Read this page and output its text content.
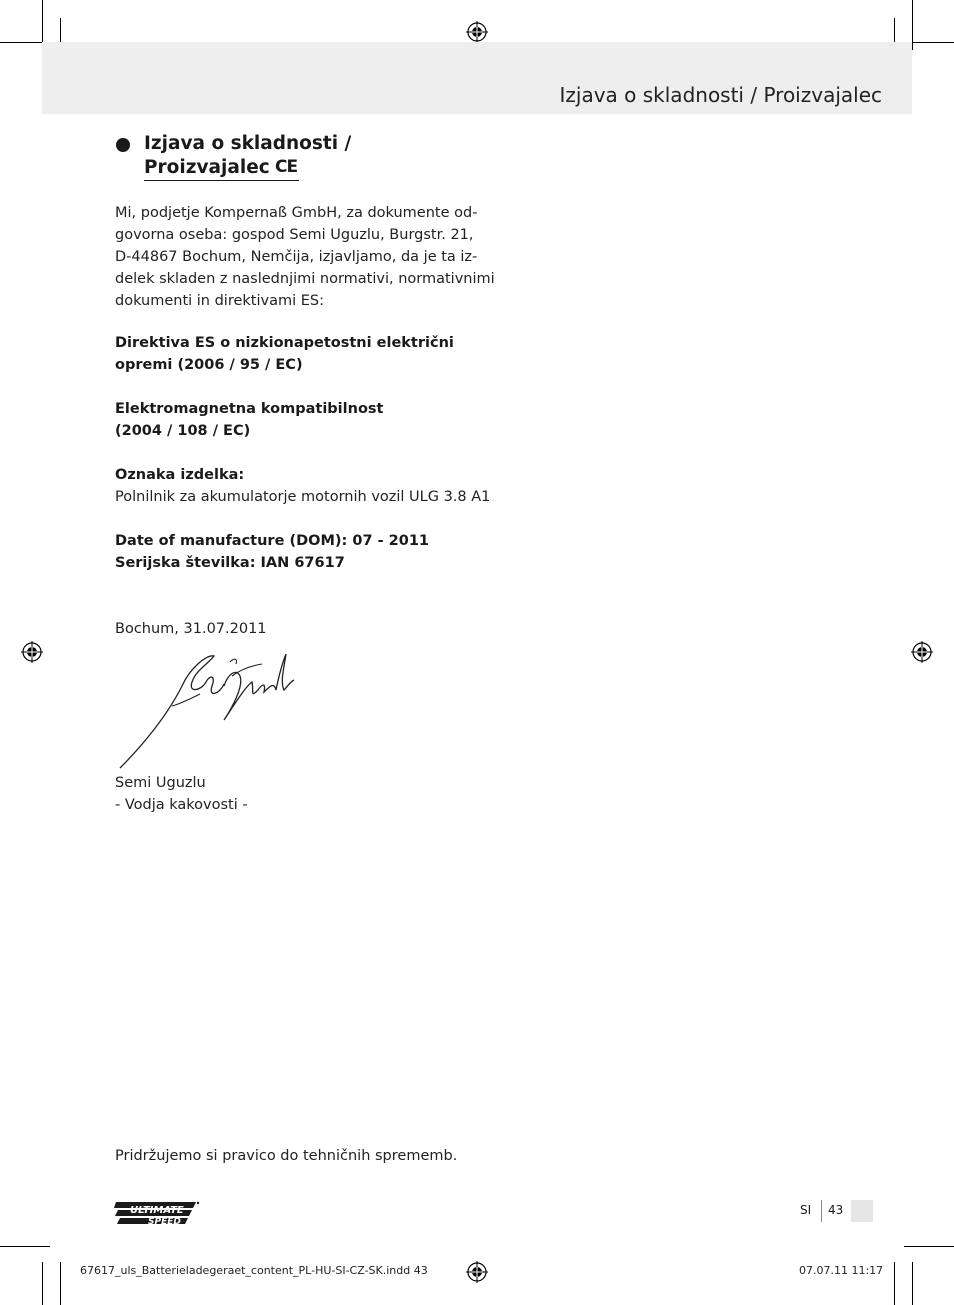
Izjava o skladnosti / Proizvajalec
Izjava o skladnosti /
Proizvajalec CE
Mi, podjetje Kompernaß GmbH, za dokumente od-
govorna oseba: gospod Semi Uguzlu, Burgstr. 21,
D-44867 Bochum, Nemčija, izjavljamo, da je ta iz-
delek skladen z naslednjimi normativi, normativnimi
dokumenti in direktivami ES:
Direktiva ES o nizkionapetostni električni
opremi (2006 / 95 / EC)
Elektromagnetna kompatibilnost
(2004 / 108 / EC)
Oznaka izdelka:
Polnilnik za akumulatorje motornih vozil ULG 3.8 A1
Date of manufacture (DOM): 07 - 2011
Serijska številka: IAN 67617
Bochum, 31.07.2011
Semi Uguzlu
- Vodja kakovosti -
Pridržujemo si pravico do tehničnih sprememb.
ULTIMATE
SPEED
SI 43
67617_uls_Batterieladegeraet_content_PL-HU-SI-CZ-SK.indd 43	07.07.11 11:17
